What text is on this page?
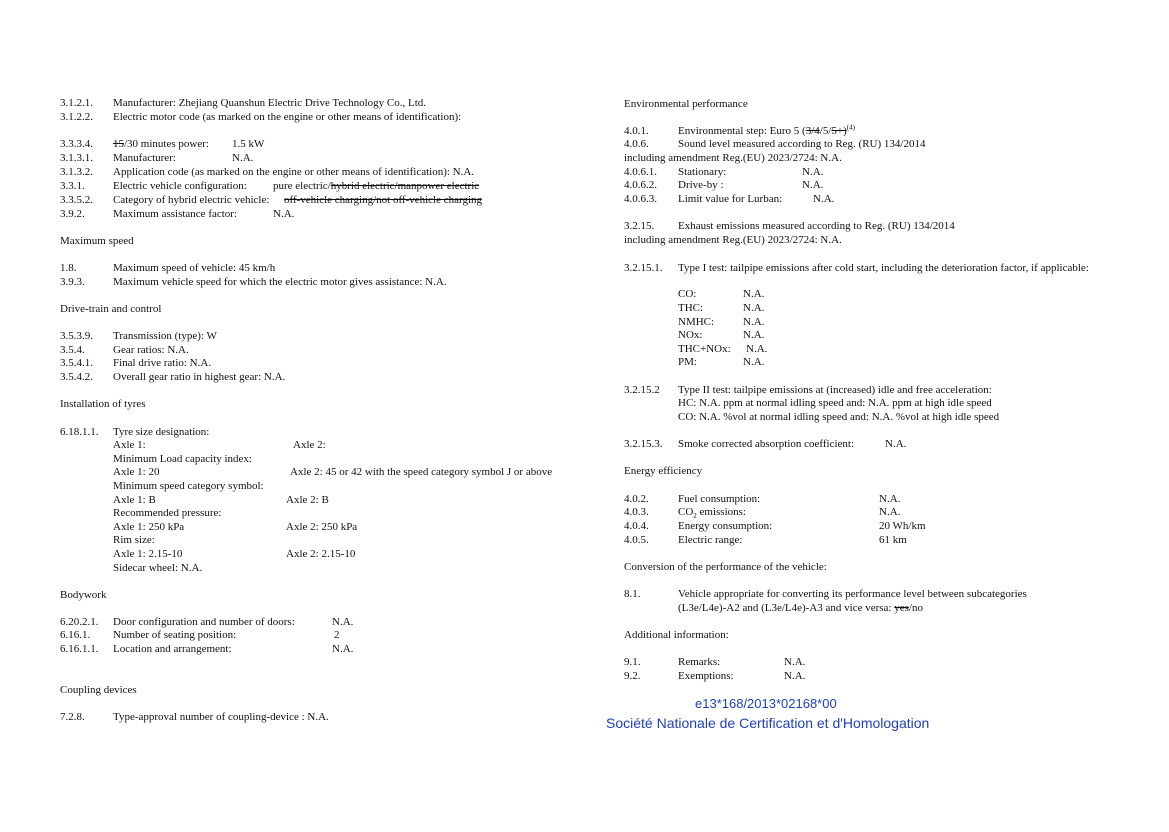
3.1.2.1. Manufacturer: Zhejiang Quanshun Electric Drive Technology Co., Ltd.
3.1.2.2. Electric motor code (as marked on the engine or other means of identification):
3.3.3.4. 15/30 minutes power: 1.5 kW
3.1.3.1. Manufacturer:	N.A.
3.1.3.2. Application code (as marked on the engine or other means of identification): N.A.
3.3.1.	Electric vehicle configuration: pure electric/hybrid electric/manpower electric
3.3.5.2. Category of hybrid electric vehicle: off-vehicle charging/not off-vehicle charging
3.9.2.	Maximum assistance factor:	N.A.
Maximum speed
1.8.	Maximum speed of vehicle: 45 km/h
3.9.3.	Maximum vehicle speed for which the electric motor gives assistance: N.A.
Drive-train and control
3.5.3.9. Transmission (type): W
3.5.4.	Gear ratios: N.A.
3.5.4.1. Final drive ratio: N.A.
3.5.4.2. Overall gear ratio in highest gear: N.A.
Installation of tyres
6.18.1.1. Tyre size designation:
Axle 1:	Axle 2:
Minimum Load capacity index:
Axle 1: 20	Axle 2: 45 or 42 with the speed category symbol J or above
Minimum speed category symbol:
Axle 1: B	Axle 2: B
Recommended pressure:
Axle 1: 250 kPa	Axle 2: 250 kPa
Rim size:
Axle 1: 2.15-10	Axle 2: 2.15-10
Sidecar wheel: N.A.
Bodywork
6.20.2.1. Door configuration and number of doors:	N.A.
6.16.1. Number of seating position:	2
6.16.1.1. Location and arrangement:	N.A.
Coupling devices
7.2.8.	Type-approval number of coupling-device : N.A.
Environmental performance
4.0.1.	Environmental step: Euro 5 $(3/4/5/5+)^{(4)}$
4.0.6.	Sound level measured according to Reg. (RU) 134/2014
including amendment Reg.(EU) 2023/2724: N.A.
4.0.6.1. Stationary:	N.A.
4.0.6.2. Drive-by :	N.A.
4.0.6.3. Limit value for Lurban:	N.A.
3.2.15. Exhaust emissions measured according to Reg. (RU) 134/2014
including amendment Reg.(EU) 2023/2724: N.A.
3.2.15.1. Type I test: tailpipe emissions after cold start, including the deterioration factor, if applicable:
CO:	N.A.
THC:	N.A.
NMHC:	N.A.
NOx:	N.A.
THC+NOx: N.A.
PM:	N.A.
3.2.15.2 Type II test: tailpipe emissions at (increased) idle and free acceleration:
HC: N.A. ppm at normal idling speed and: N.A. ppm at high idle speed
CO: N.A. %vol at normal idling speed and: N.A. %vol at high idle speed
3.2.15.3. Smoke corrected absorption coefficient:	N.A.
Energy efficiency
4.0.2.	Fuel consumption:	N.A.
4.0.3.	$CO_2$ emissions:	N.A.
4.0.4.	Energy consumption:	20 Wh/km
4.0.5.	Electric range:	61 km
Conversion of the performance of the vehicle:
8.1.	Vehicle appropriate for converting its performance level between subcategories
(L3e/L4e)-A2 and (L3e/L4e)-A3 and vice versa: yes/no
Additional information:
9.1.	Remarks:	N.A.
9.2.	Exemptions:	N.A.
e13*168/2013*02168*00
Société Nationale de Certification et d'Homologation
